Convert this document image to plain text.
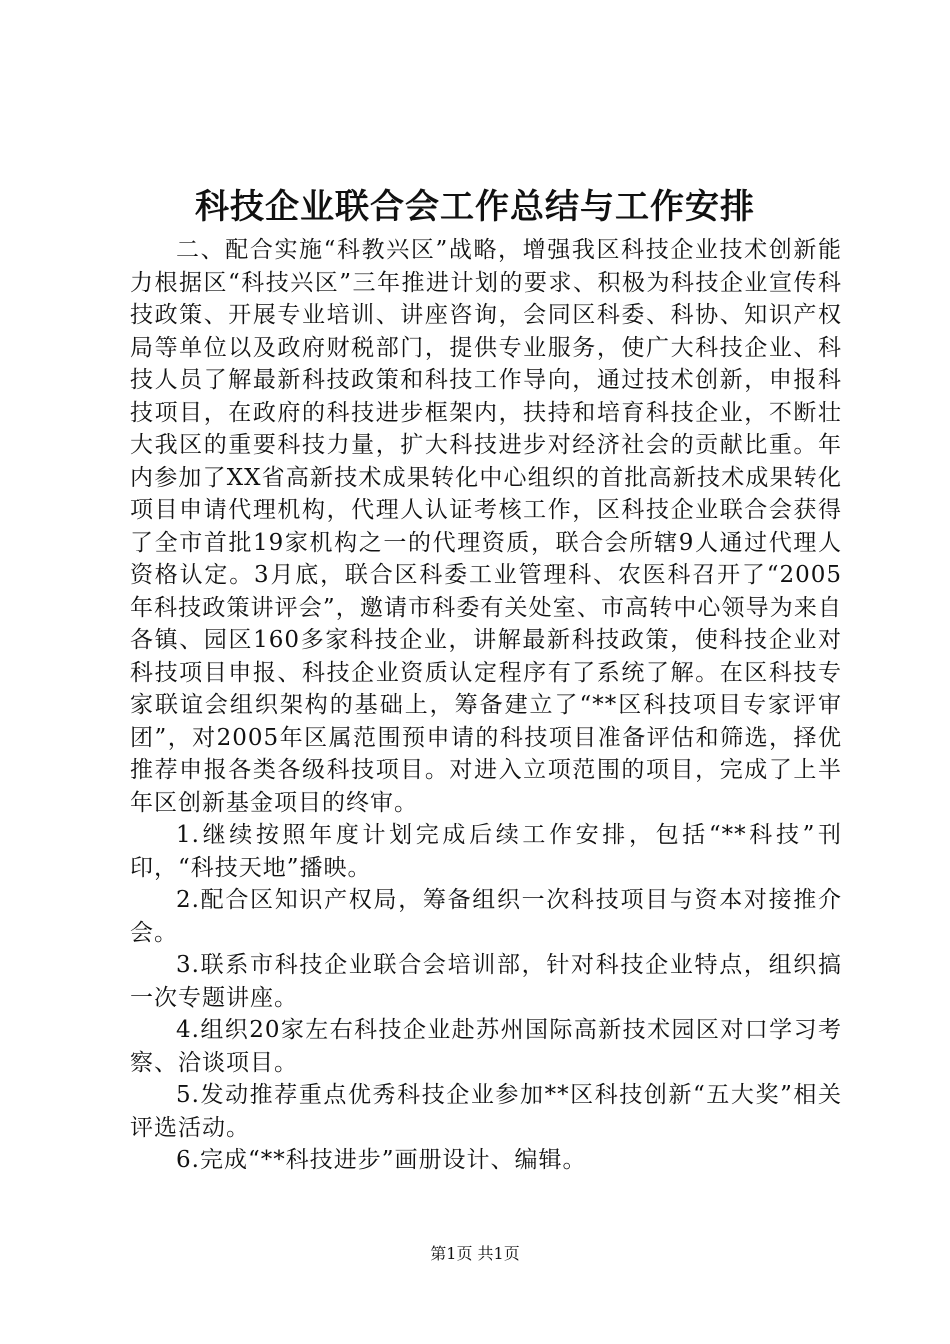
科技企业联合会工作总结与工作安排

二、配合实施“科教兴区”战略，增强我区科技企业技术创新能力根据区“科技兴区”三年推进计划的要求、积极为科技企业宣传科技政策、开展专业培训、讲座咨询，会同区科委、科协、知识产权局等单位以及政府财税部门，提供专业服务，使广大科技企业、科技人员了解最新科技政策和科技工作导向，通过技术创新，申报科技项目，在政府的科技进步框架内，扶持和培育科技企业，不断壮大我区的重要科技力量，扩大科技进步对经济社会的贡献比重。年内参加了XX省高新技术成果转化中心组织的首批高新技术成果转化项目申请代理机构，代理人认证考核工作，区科技企业联合会获得了全市首批19家机构之一的代理资质，联合会所辖9人通过代理人资格认定。3月底，联合区科委工业管理科、农医科召开了“2005年科技政策讲评会”，邀请市科委有关处室、市高转中心领导为来自各镇、园区160多家科技企业，讲解最新科技政策，使科技企业对科技项目申报、科技企业资质认定程序有了系统了解。在区科技专家联谊会组织架构的基础上，筹备建立了“**区科技项目专家评审团”，对2005年区属范围预申请的科技项目准备评估和筛选，择优推荐申报各类各级科技项目。对进入立项范围的项目，完成了上半年区创新基金项目的终审。

1.继续按照年度计划完成后续工作安排，包括“**科技”刊印，“科技天地”播映。

2.配合区知识产权局，筹备组织一次科技项目与资本对接推介会。

3.联系市科技企业联合会培训部，针对科技企业特点，组织搞一次专题讲座。

4.组织20家左右科技企业赴苏州国际高新技术园区对口学习考察、洽谈项目。

5.发动推荐重点优秀科技企业参加**区科技创新“五大奖”相关评选活动。

6.完成“**科技进步”画册设计、编辑。

第1页 共1页
